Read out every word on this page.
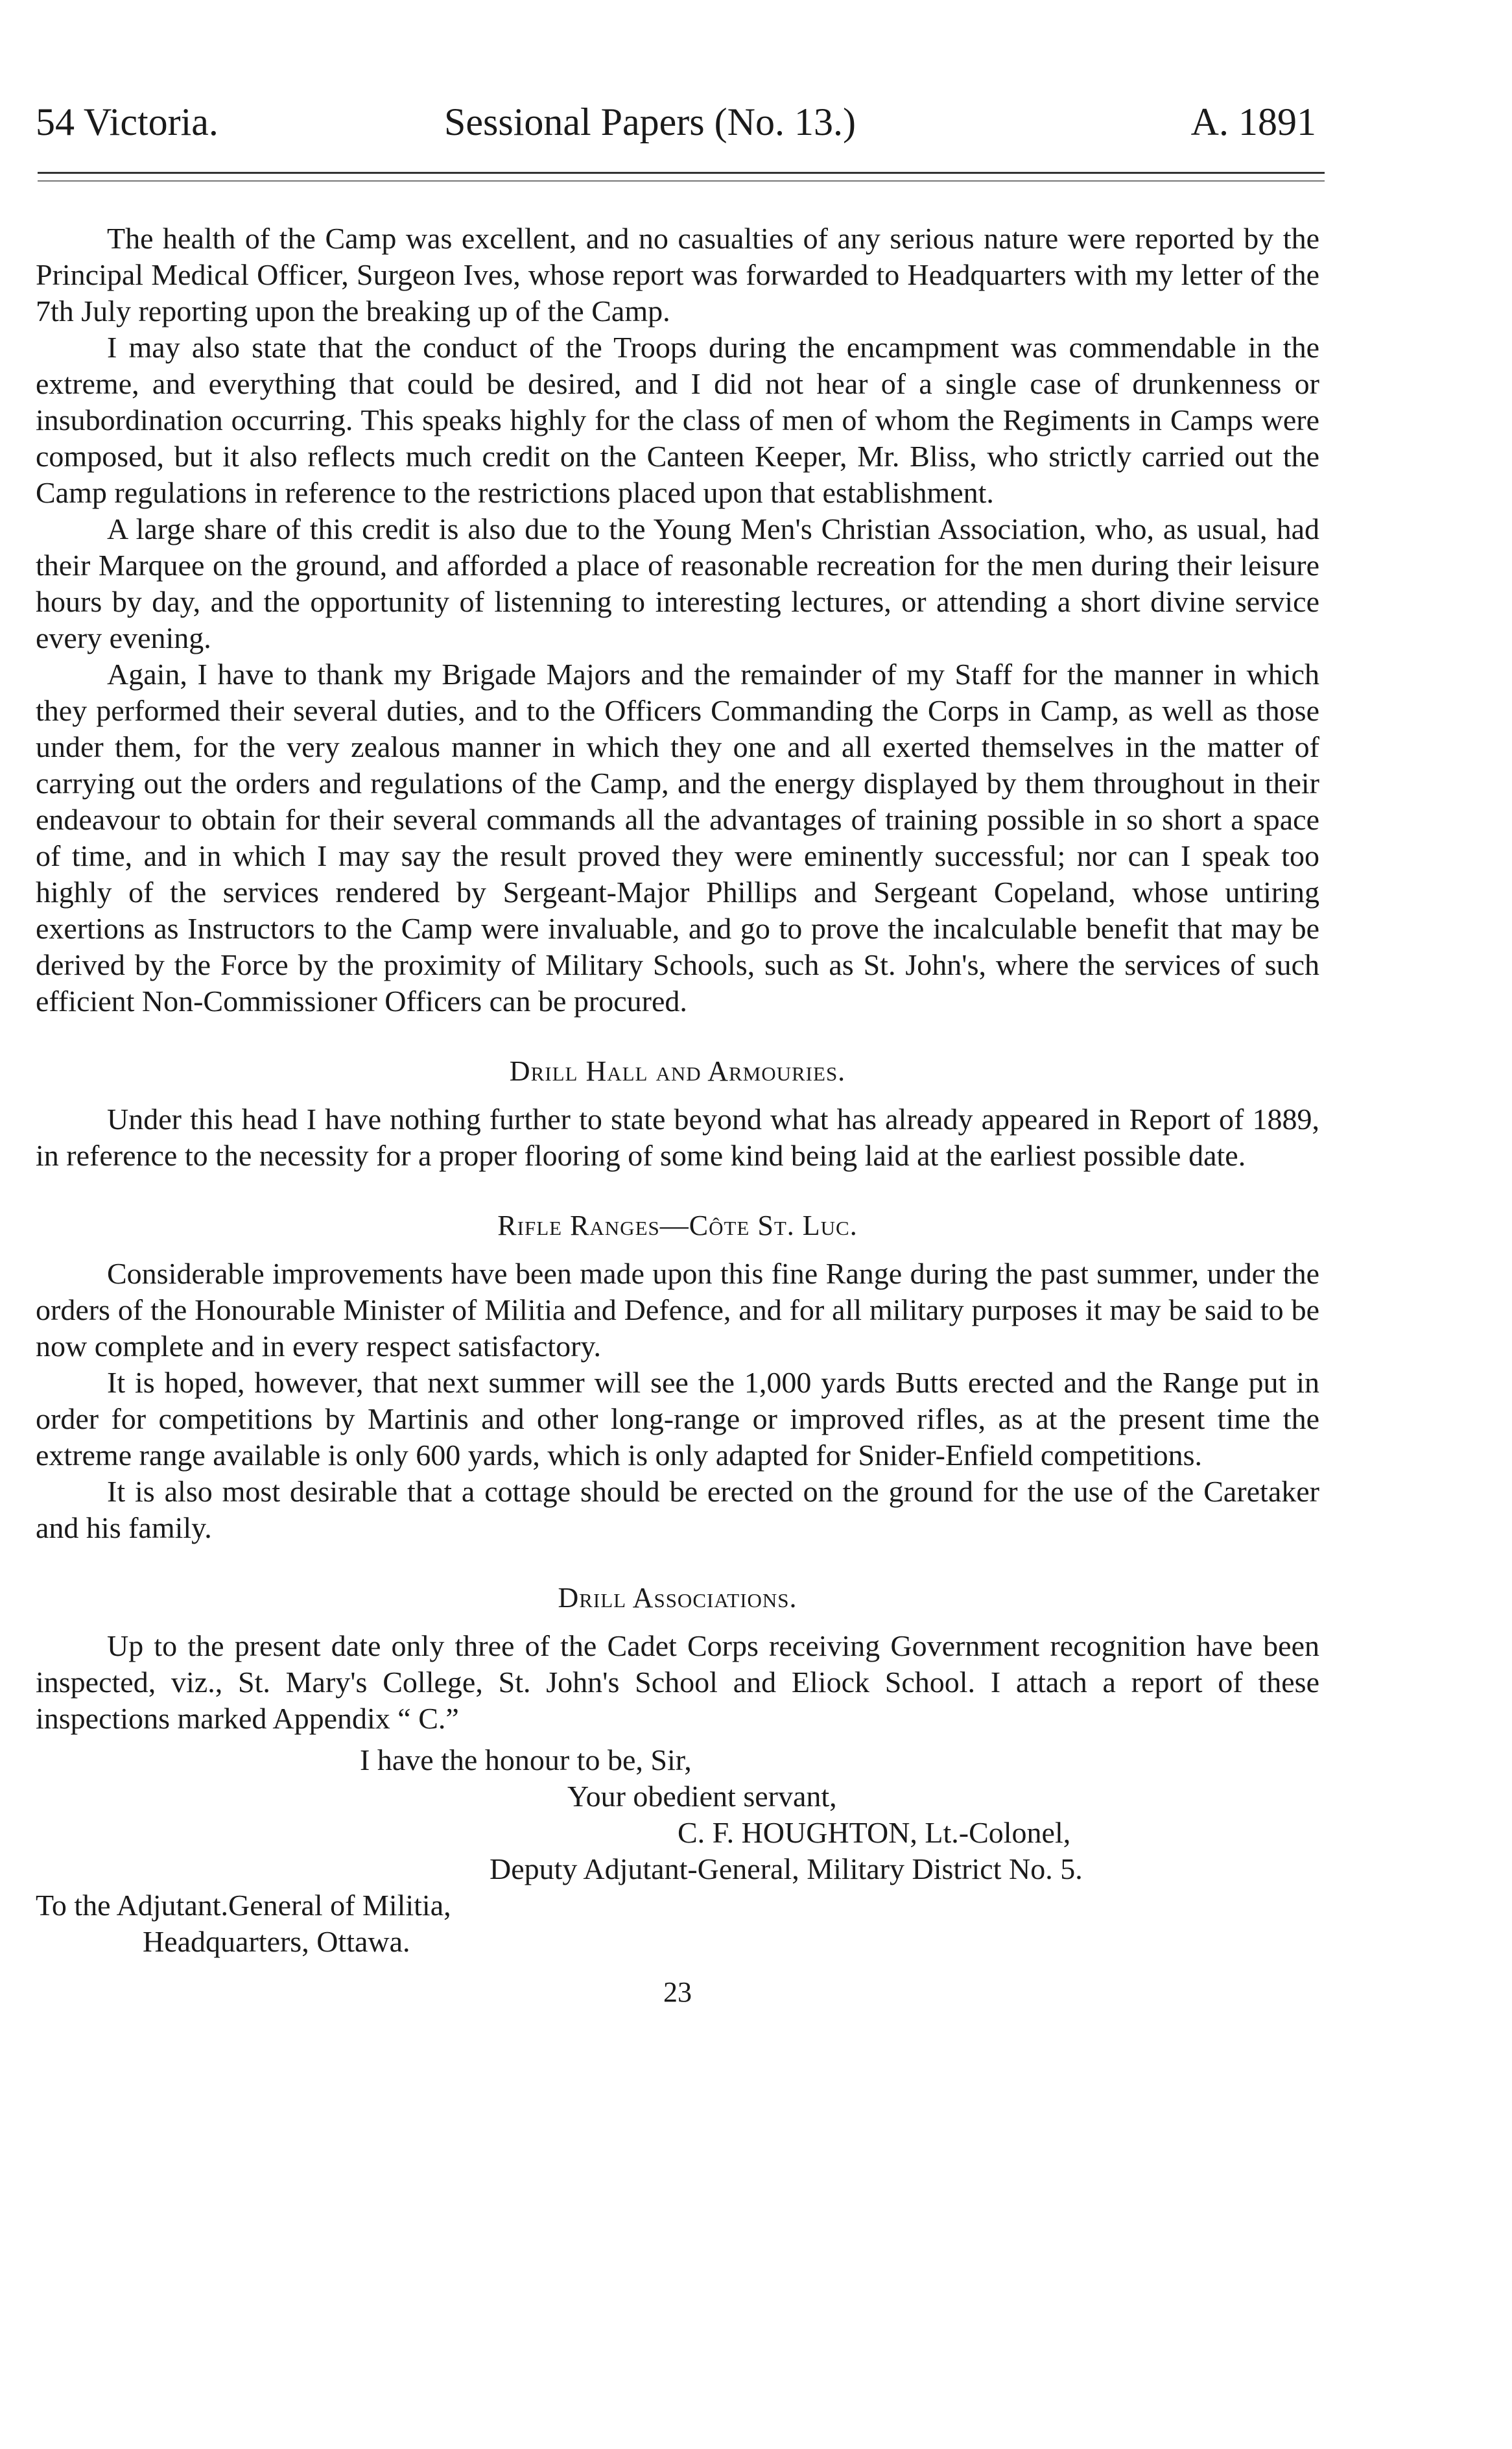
54 Victoria.	Sessional Papers (No. 13.)	A. 1891

The health of the Camp was excellent, and no casualties of any serious nature were reported by the Principal Medical Officer, Surgeon Ives, whose report was forwarded to Headquarters with my letter of the 7th July reporting upon the breaking up of the Camp.

I may also state that the conduct of the Troops during the encampment was commendable in the extreme, and everything that could be desired, and I did not hear of a single case of drunkenness or insubordination occurring. This speaks highly for the class of men of whom the Regiments in Camps were composed, but it also reflects much credit on the Canteen Keeper, Mr. Bliss, who strictly carried out the Camp regulations in reference to the restrictions placed upon that establishment.

A large share of this credit is also due to the Young Men's Christian Association, who, as usual, had their Marquee on the ground, and afforded a place of reasonable recreation for the men during their leisure hours by day, and the opportunity of listenning to interesting lectures, or attending a short divine service every evening.

Again, I have to thank my Brigade Majors and the remainder of my Staff for the manner in which they performed their several duties, and to the Officers Commanding the Corps in Camp, as well as those under them, for the very zealous manner in which they one and all exerted themselves in the matter of carrying out the orders and regulations of the Camp, and the energy displayed by them throughout in their endeavour to obtain for their several commands all the advantages of training possible in so short a space of time, and in which I may say the result proved they were eminently successful; nor can I speak too highly of the services rendered by Sergeant-Major Phillips and Sergeant Copeland, whose untiring exertions as Instructors to the Camp were invaluable, and go to prove the incalculable benefit that may be derived by the Force by the proximity of Military Schools, such as St. John's, where the services of such efficient Non-Commissioner Officers can be procured.

Drill Hall and Armouries.

Under this head I have nothing further to state beyond what has already appeared in Report of 1889, in reference to the necessity for a proper flooring of some kind being laid at the earliest possible date.

Rifle Ranges—Côte St. Luc.

Considerable improvements have been made upon this fine Range during the past summer, under the orders of the Honourable Minister of Militia and Defence, and for all military purposes it may be said to be now complete and in every respect satisfactory.

It is hoped, however, that next summer will see the 1,000 yards Butts erected and the Range put in order for competitions by Martinis and other long-range or improved rifles, as at the present time the extreme range available is only 600 yards, which is only adapted for Snider-Enfield competitions.

It is also most desirable that a cottage should be erected on the ground for the use of the Caretaker and his family.

Drill Associations.

Up to the present date only three of the Cadet Corps receiving Government recognition have been inspected, viz., St. Mary's College, St. John's School and Eliock School. I attach a report of these inspections marked Appendix “ C.”

I have the honour to be, Sir,
Your obedient servant,
C. F. HOUGHTON, Lt.-Colonel,
Deputy Adjutant-General, Military District No. 5.
To the Adjutant.General of Militia,
Headquarters, Ottawa.
23
